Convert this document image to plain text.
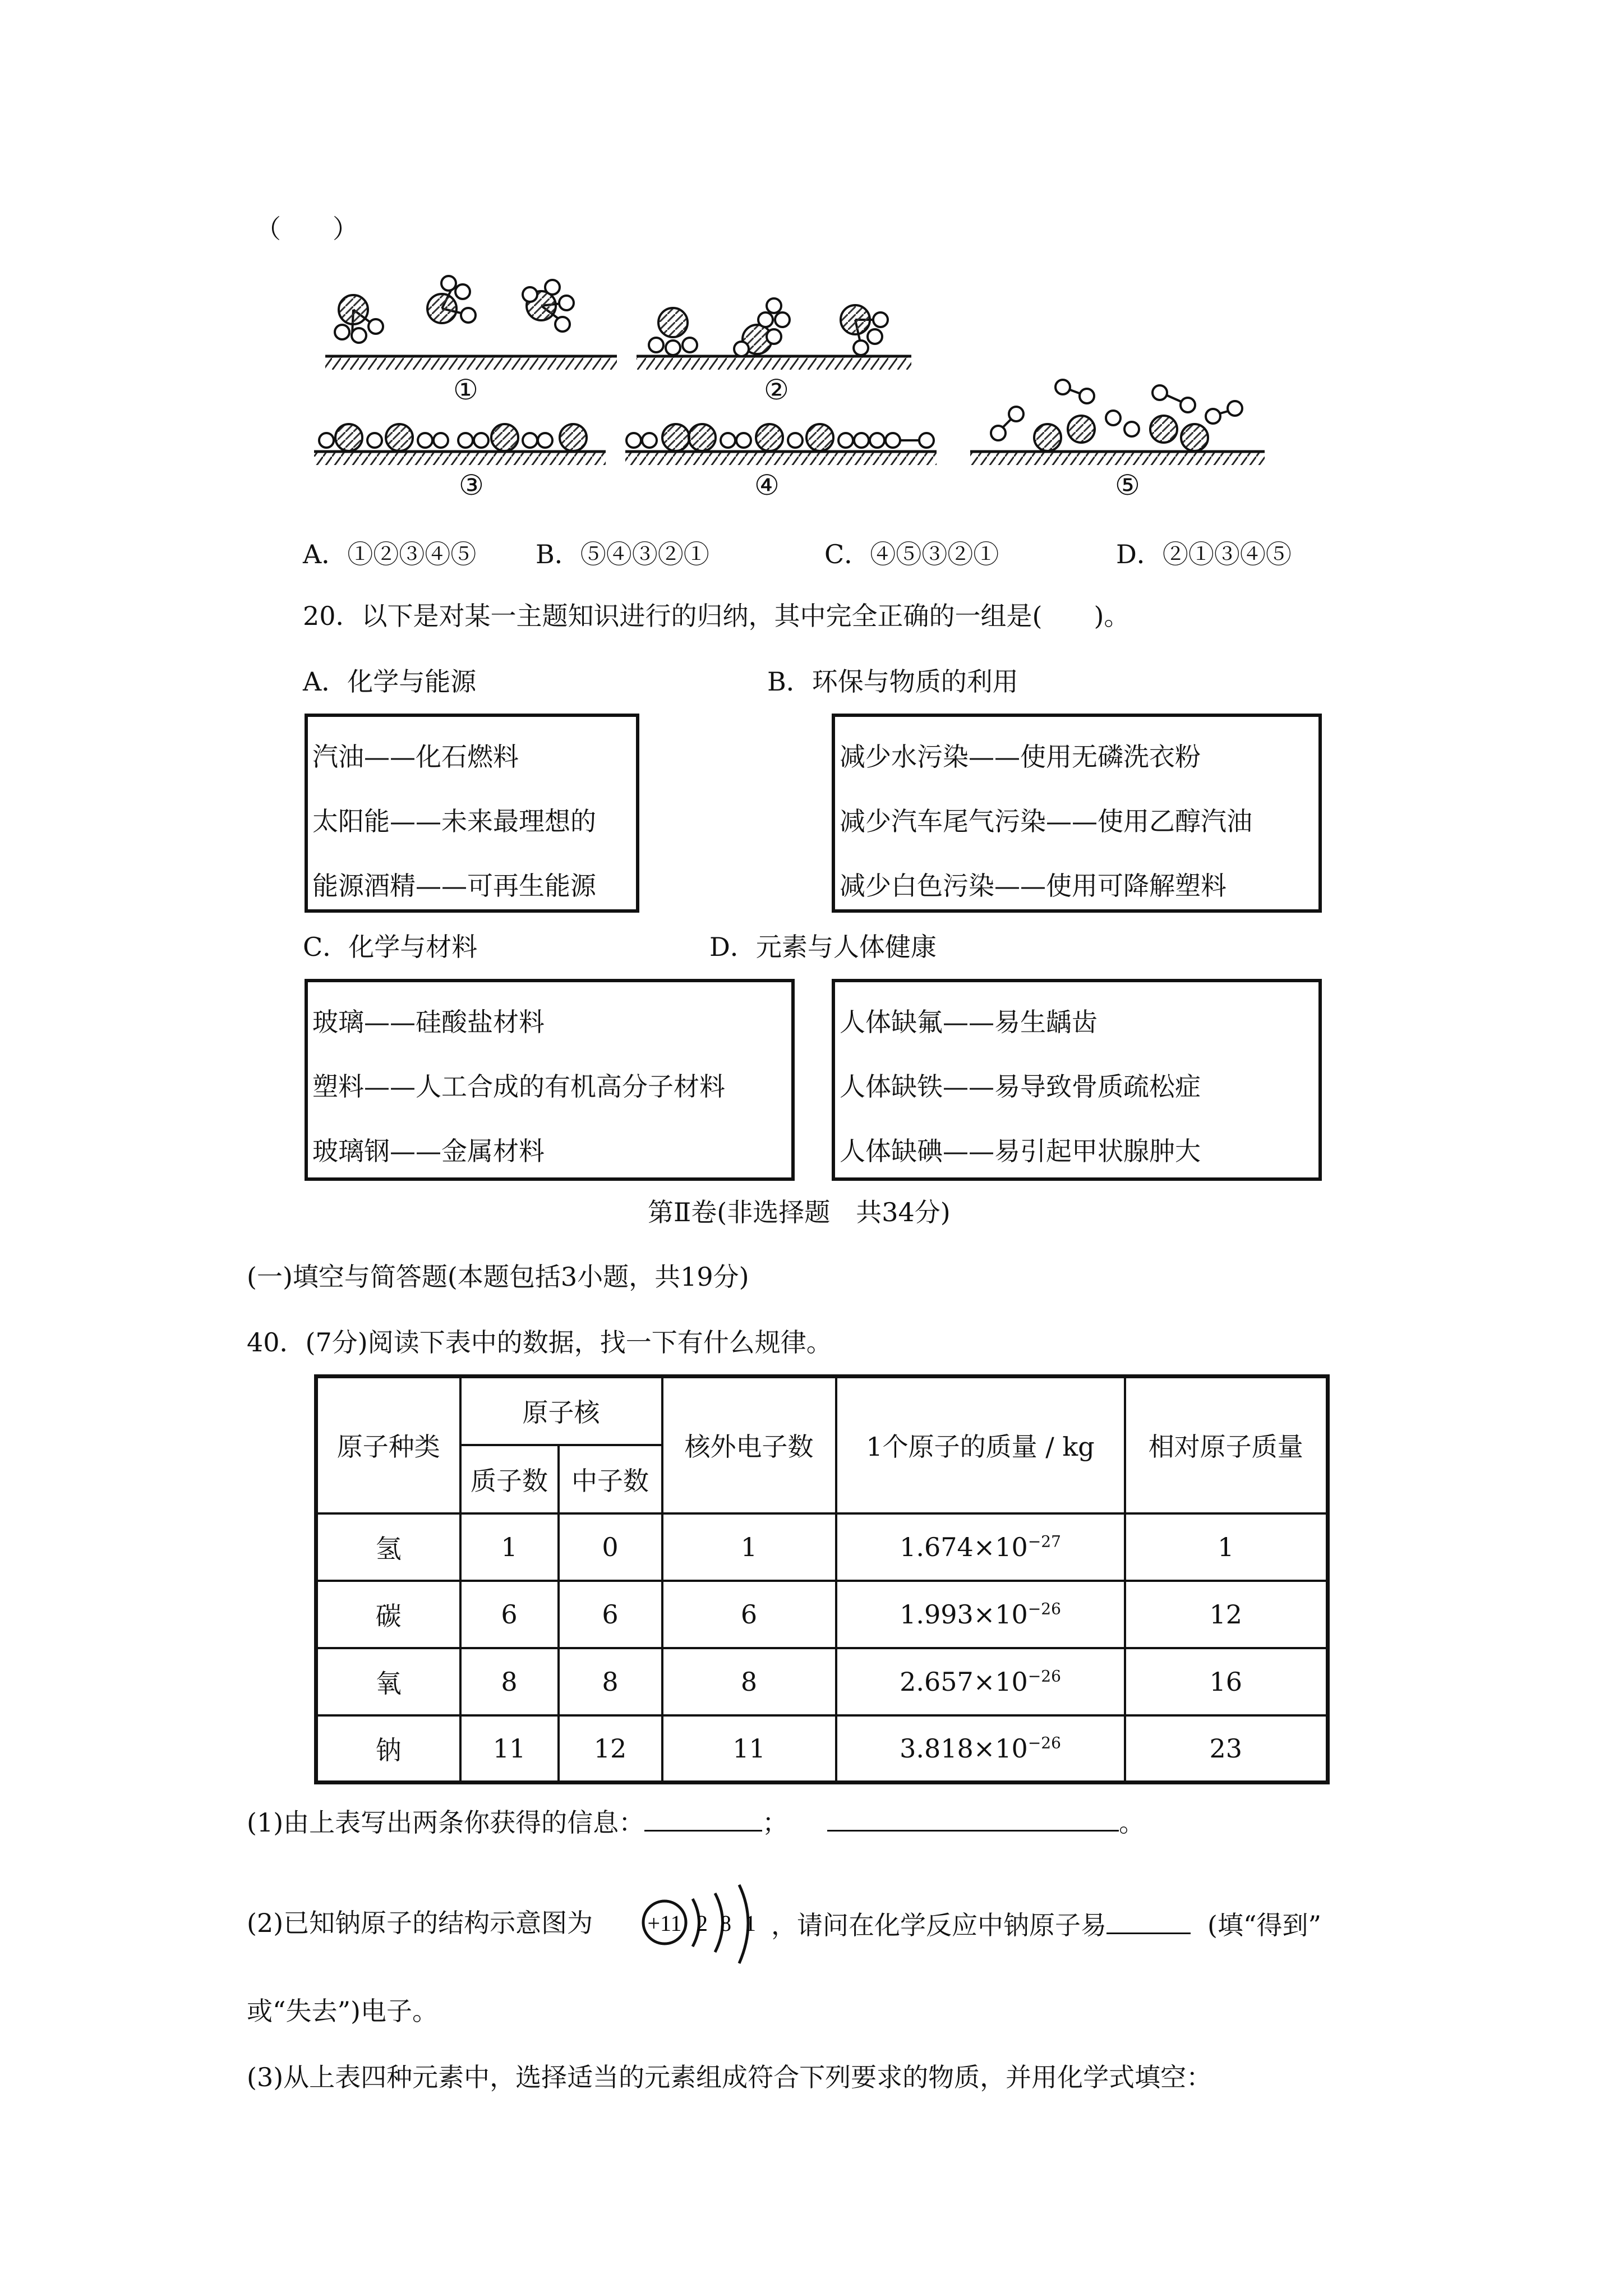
（　　）
①	②
③	④	⑤
A．①②③④⑤ B．⑤④③②①	C．④⑤③②①	D．②①③④⑤
20．以下是对某一主题知识进行的归纳，其中完全正确的一组是(　　)。
A．化学与能源	B．环保与物质的利用
汽油——化石燃料
太阳能——未来最理想的
能源酒精——可再生能源
减少水污染——使用无磷洗衣粉
减少汽车尾气污染——使用乙醇汽油
减少白色污染——使用可降解塑料
C．化学与材料	D．元素与人体健康
玻璃——硅酸盐材料
塑料——人工合成的有机高分子材料
玻璃钢——金属材料
人体缺氟——易生龋齿
人体缺铁——易导致骨质疏松症
人体缺碘——易引起甲状腺肿大
第Ⅱ卷(非选择题　共34分)
(一)填空与简答题(本题包括3小题，共19分)
40．(7分)阅读下表中的数据，找一下有什么规律。
原子种类	原子核		核外电子数	1个原子的质量 / kg	相对原子质量
	质子数	中子数			
氢	1	0	1	$1.674\times 10^{-27}$	1
碳	6	6	6	$1.993\times 10^{-26}$	12
氧	8	8	8	$2.657\times 10^{-26}$	16
钠	11	12	11	$3.818\times 10^{-26}$	23
(1)由上表写出两条你获得的信息：	；	。
(2)已知钠原子的结构示意图为 +11 2 8 1 ，请问在化学反应中钠原子易	(填“得到”
或“失去”)电子。
(3)从上表四种元素中，选择适当的元素组成符合下列要求的物质，并用化学式填空：
